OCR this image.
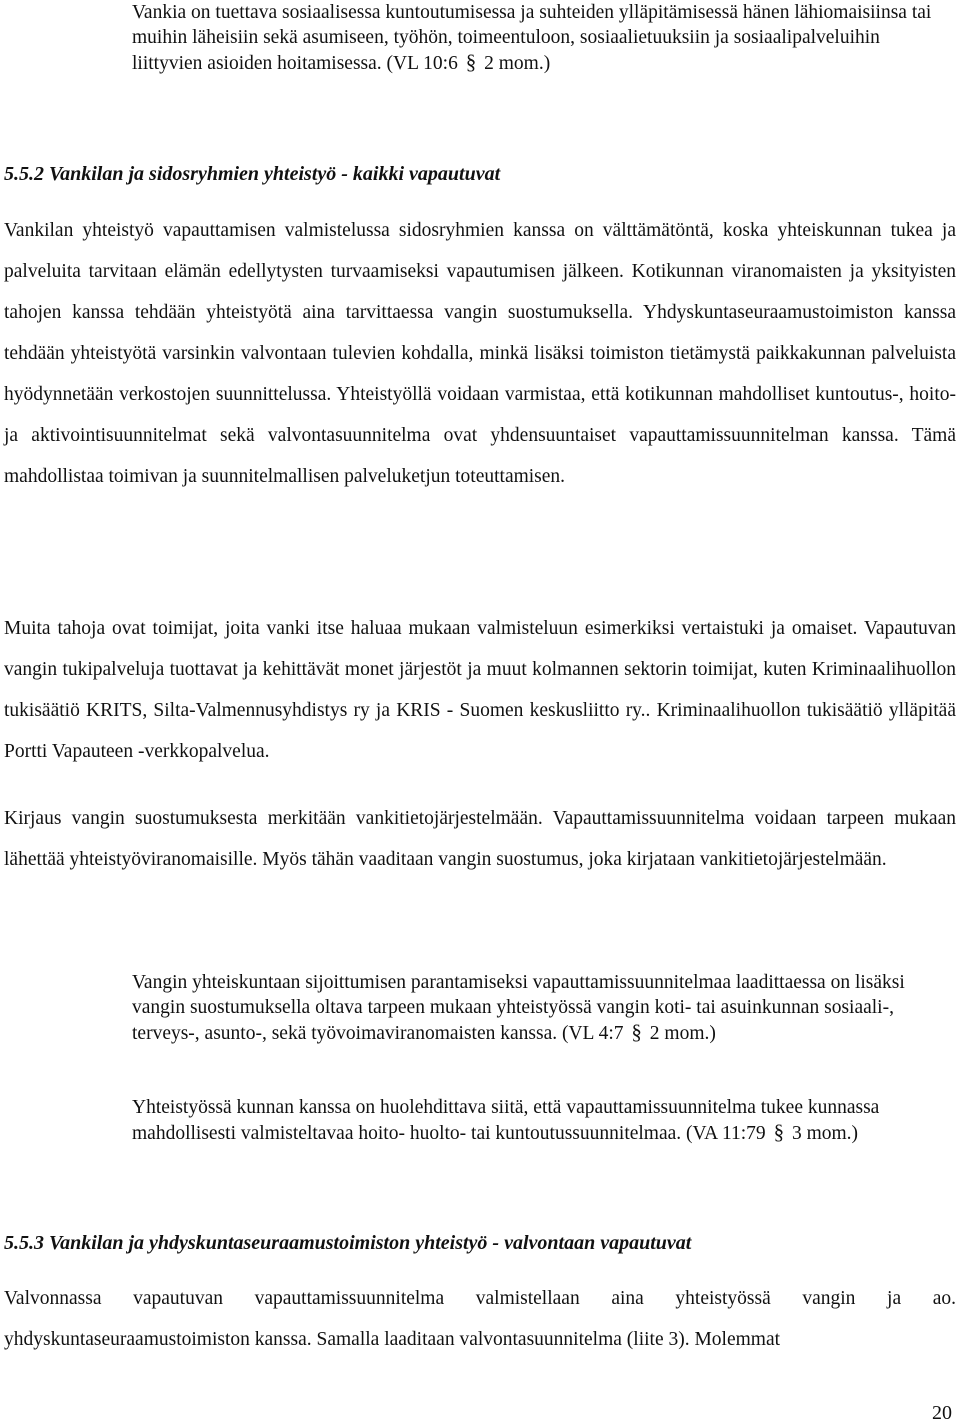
Vankia on tuettava sosiaalisessa kuntoutumisessa ja suhteiden ylläpitämisessä hänen lähiomaisiinsa tai muihin läheisiin sekä asumiseen, työhön, toimeentuloon, sosiaalietuuksiin ja sosiaalipalveluihin liittyvien asioiden hoitamisessa. (VL 10:6 § 2 mom.)

5.5.2 Vankilan ja sidosryhmien yhteistyö - kaikki vapautuvat

Vankilan yhteistyö vapauttamisen valmistelussa sidosryhmien kanssa on välttämätöntä, koska yhteiskunnan tukea ja palveluita tarvitaan elämän edellytysten turvaamiseksi vapautumisen jälkeen. Kotikunnan viranomaisten ja yksityisten tahojen kanssa tehdään yhteistyötä aina tarvittaessa vangin suostumuksella. Yhdyskuntaseuraamustoimiston kanssa tehdään yhteistyötä varsinkin valvontaan tulevien kohdalla, minkä lisäksi toimiston tietämystä paikkakunnan palveluista hyödynnetään verkostojen suunnittelussa. Yhteistyöllä voidaan varmistaa, että kotikunnan mahdolliset kuntoutus-, hoito- ja aktivointisuunnitelmat sekä valvontasuunnitelma ovat yhdensuuntaiset vapauttamissuunnitelman kanssa. Tämä mahdollistaa toimivan ja suunnitelmallisen palveluketjun toteuttamisen.

Muita tahoja ovat toimijat, joita vanki itse haluaa mukaan valmisteluun esimerkiksi vertaistuki ja omaiset. Vapautuvan vangin tukipalveluja tuottavat ja kehittävät monet järjestöt ja muut kolmannen sektorin toimijat, kuten Kriminaalihuollon tukisäätiö KRITS, Silta-Valmennusyhdistys ry ja KRIS - Suomen keskusliitto ry.. Kriminaalihuollon tukisäätiö ylläpitää Portti Vapauteen -verkkopalvelua.

Kirjaus vangin suostumuksesta merkitään vankitietojärjestelmään. Vapauttamissuunnitelma voidaan tarpeen mukaan lähettää yhteistyöviranomaisille. Myös tähän vaaditaan vangin suostumus, joka kirjataan vankitietojärjestelmään.

Vangin yhteiskuntaan sijoittumisen parantamiseksi vapauttamissuunnitelmaa laadittaessa on lisäksi vangin suostumuksella oltava tarpeen mukaan yhteistyössä vangin koti- tai asuinkunnan sosiaali-, terveys-, asunto-, sekä työvoimaviranomaisten kanssa. (VL 4:7 § 2 mom.)

Yhteistyössä kunnan kanssa on huolehdittava siitä, että vapauttamissuunnitelma tukee kunnassa mahdollisesti valmisteltavaa hoito- huolto- tai kuntoutussuunnitelmaa. (VA 11:79 § 3 mom.)

5.5.3 Vankilan ja yhdyskuntaseuraamustoimiston yhteistyö - valvontaan vapautuvat

Valvonnassa vapautuvan vapauttamissuunnitelma valmistellaan aina yhteistyössä vangin ja ao. yhdyskuntaseuraamustoimiston kanssa. Samalla laaditaan valvontasuunnitelma (liite 3). Molemmat

20
